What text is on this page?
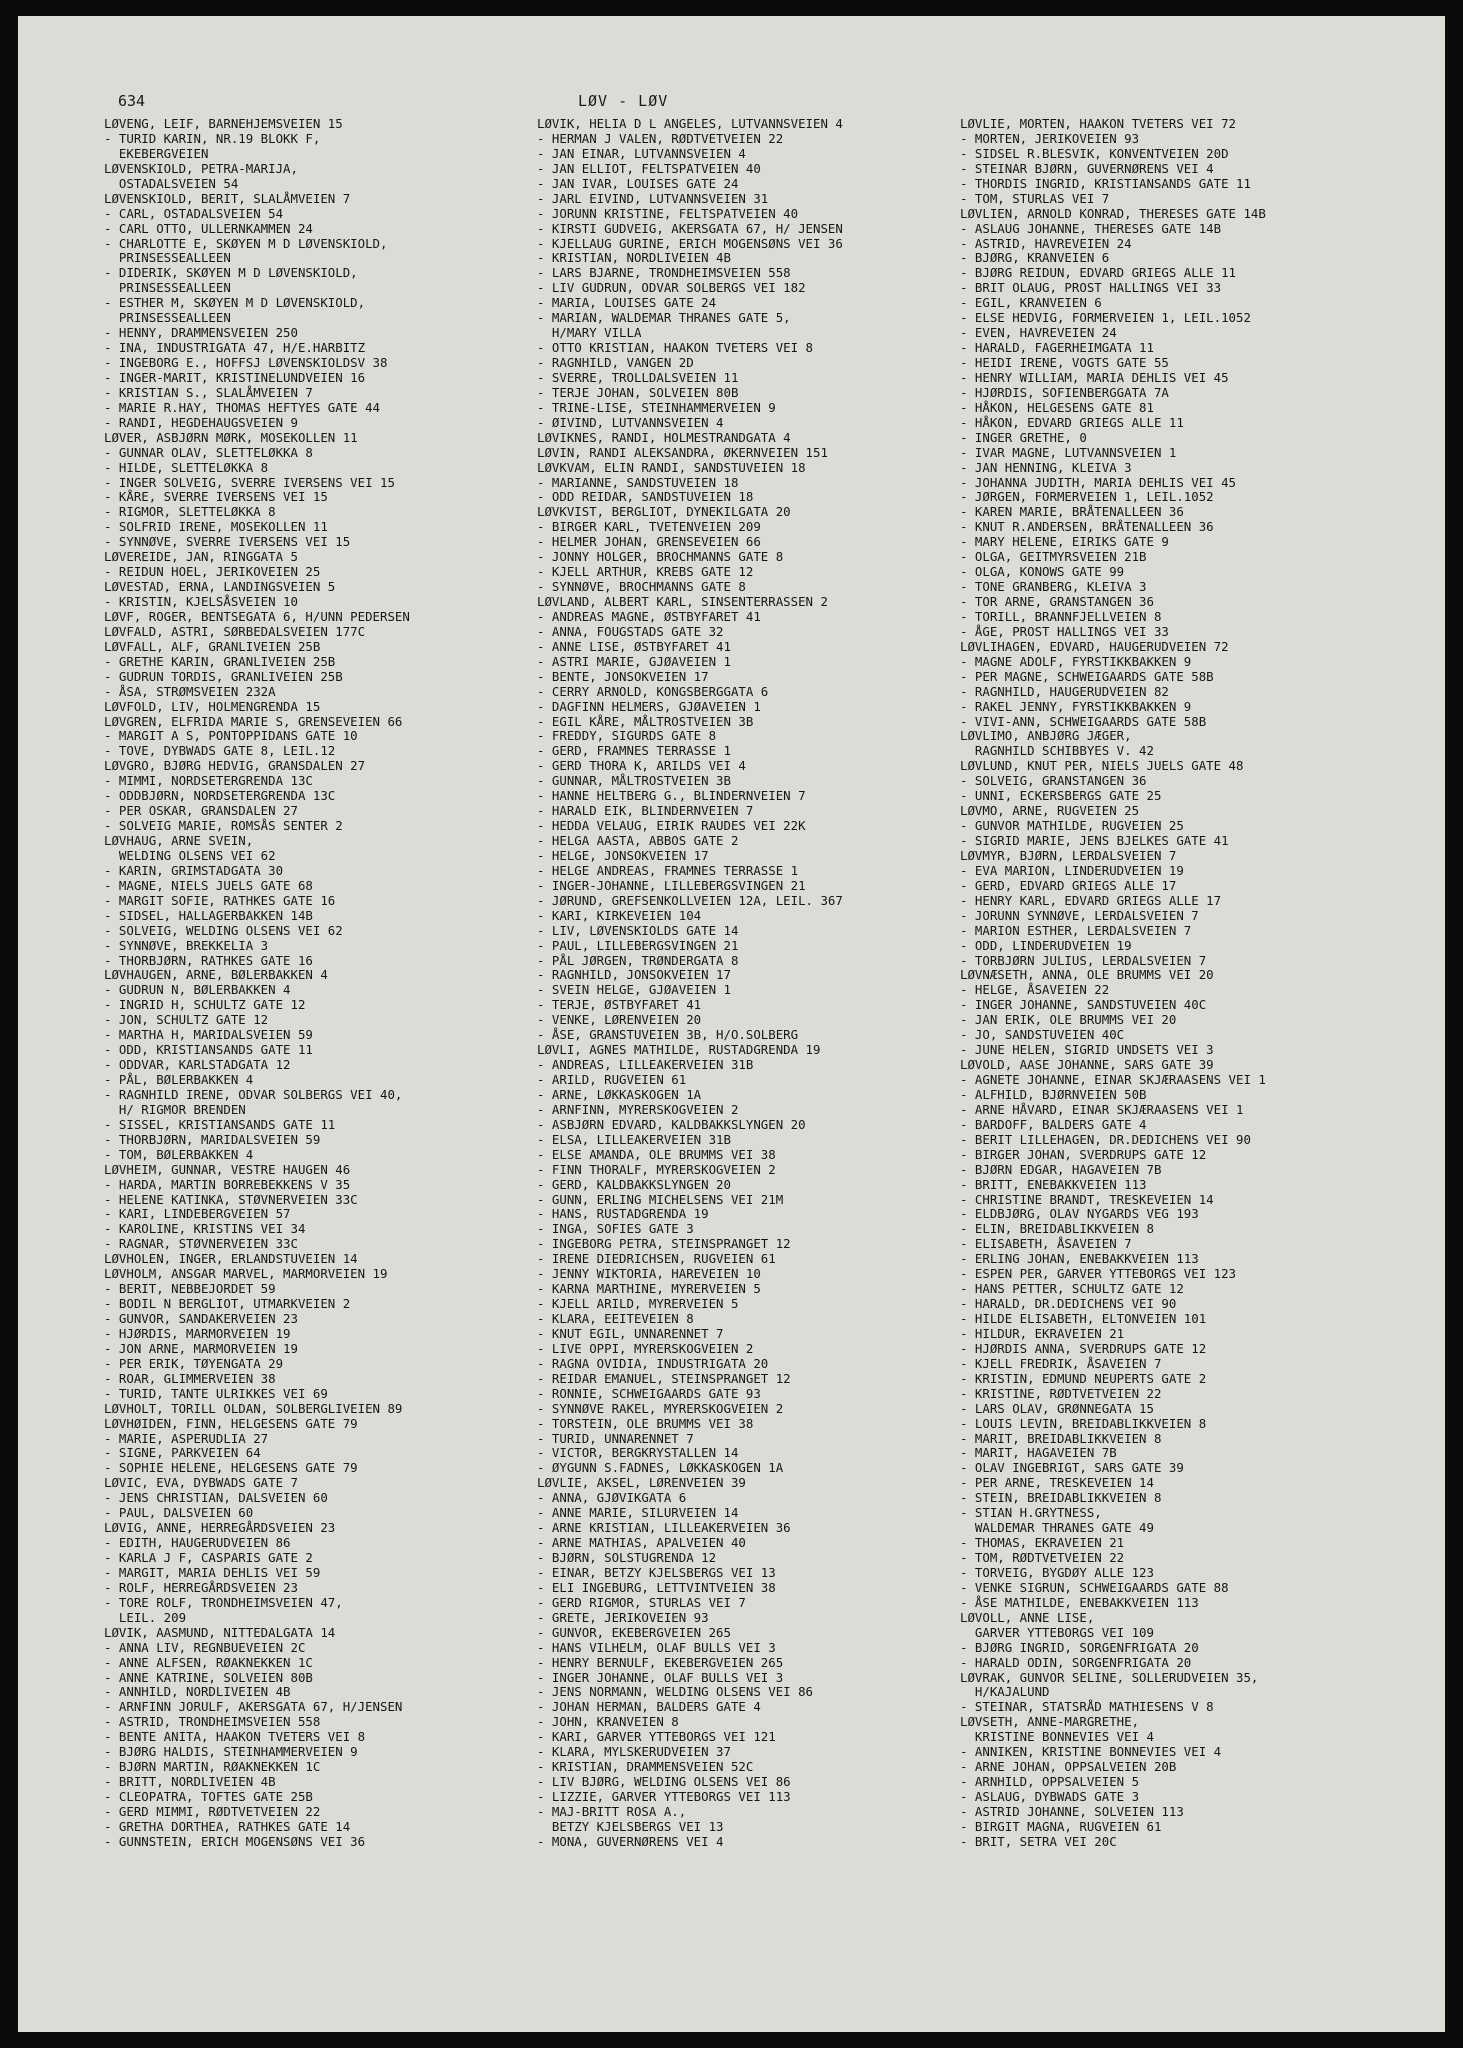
634	LØV - LØV
LØVENG, LEIF, BARNEHJEMSVEIEN 15
- TURID KARIN, NR.19 BLOKK F,
EKEBERGVEIEN
LØVENSKIOLD, PETRA-MARIJA,
OSTADALSVEIEN 54
LØVENSKIOLD, BERIT, SLALÅMVEIEN 7
- CARL, OSTADALSVEIEN 54
- CARL OTTO, ULLERNKAMMEN 24
- CHARLOTTE E, SKØYEN M D LØVENSKIOLD,
PRINSESSEALLEEN
- DIDERIK, SKØYEN M D LØVENSKIOLD,
PRINSESSEALLEEN
- ESTHER M, SKØYEN M D LØVENSKIOLD,
PRINSESSEALLEEN
- HENNY, DRAMMENSVEIEN 250
- INA, INDUSTRIGATA 47, H/E.HARBITZ
- INGEBORG E., HOFFSJ LØVENSKIOLDSV 38
- INGER-MARIT, KRISTINELUNDVEIEN 16
- KRISTIAN S., SLALÅMVEIEN 7
- MARIE R.HAY, THOMAS HEFTYES GATE 44
- RANDI, HEGDEHAUGSVEIEN 9
LØVER, ASBJØRN MØRK, MOSEKOLLEN 11
- GUNNAR OLAV, SLETTELØKKA 8
- HILDE, SLETTELØKKA 8
- INGER SOLVEIG, SVERRE IVERSENS VEI 15
- KÅRE, SVERRE IVERSENS VEI 15
- RIGMOR, SLETTELØKKA 8
- SOLFRID IRENE, MOSEKOLLEN 11
- SYNNØVE, SVERRE IVERSENS VEI 15
LØVEREIDE, JAN, RINGGATA 5
- REIDUN HOEL, JERIKOVEIEN 25
LØVESTAD, ERNA, LANDINGSVEIEN 5
- KRISTIN, KJELSÅSVEIEN 10
LØVF, ROGER, BENTSEGATA 6, H/UNN PEDERSEN
LØVFALD, ASTRI, SØRBEDALSVEIEN 177C
LØVFALL, ALF, GRANLIVEIEN 25B
- GRETHE KARIN, GRANLIVEIEN 25B
- GUDRUN TORDIS, GRANLIVEIEN 25B
- ÅSA, STRØMSVEIEN 232A
LØVFOLD, LIV, HOLMENGRENDA 15
LØVGREN, ELFRIDA MARIE S, GRENSEVEIEN 66
- MARGIT A S, PONTOPPIDANS GATE 10
- TOVE, DYBWADS GATE 8, LEIL.12
LØVGRO, BJØRG HEDVIG, GRANSDALEN 27
- MIMMI, NORDSETERGRENDA 13C
- ODDBJØRN, NORDSETERGRENDA 13C
- PER OSKAR, GRANSDALEN 27
- SOLVEIG MARIE, ROMSÅS SENTER 2
LØVHAUG, ARNE SVEIN,
WELDING OLSENS VEI 62
- KARIN, GRIMSTADGATA 30
- MAGNE, NIELS JUELS GATE 68
- MARGIT SOFIE, RATHKES GATE 16
- SIDSEL, HALLAGERBAKKEN 14B
- SOLVEIG, WELDING OLSENS VEI 62
- SYNNØVE, BREKKELIA 3
- THORBJØRN, RATHKES GATE 16
LØVHAUGEN, ARNE, BØLERBAKKEN 4
- GUDRUN N, BØLERBAKKEN 4
- INGRID H, SCHULTZ GATE 12
- JON, SCHULTZ GATE 12
- MARTHA H, MARIDALSVEIEN 59
- ODD, KRISTIANSANDS GATE 11
- ODDVAR, KARLSTADGATA 12
- PÅL, BØLERBAKKEN 4
- RAGNHILD IRENE, ODVAR SOLBERGS VEI 40,
H/ RIGMOR BRENDEN
- SISSEL, KRISTIANSANDS GATE 11
- THORBJØRN, MARIDALSVEIEN 59
- TOM, BØLERBAKKEN 4
LØVHEIM, GUNNAR, VESTRE HAUGEN 46
- HARDA, MARTIN BORREBEKKENS V 35
- HELENE KATINKA, STØVNERVEIEN 33C
- KARI, LINDEBERGVEIEN 57
- KAROLINE, KRISTINS VEI 34
- RAGNAR, STØVNERVEIEN 33C
LØVHOLEN, INGER, ERLANDSTUVEIEN 14
LØVHOLM, ANSGAR MARVEL, MARMORVEIEN 19
- BERIT, NEBBEJORDET 59
- BODIL N BERGLIOT, UTMARKVEIEN 2
- GUNVOR, SANDAKERVEIEN 23
- HJØRDIS, MARMORVEIEN 19
- JON ARNE, MARMORVEIEN 19
- PER ERIK, TØYENGATA 29
- ROAR, GLIMMERVEIEN 38
- TURID, TANTE ULRIKKES VEI 69
LØVHOLT, TORILL OLDAN, SOLBERGLIVEIEN 89
LØVHØIDEN, FINN, HELGESENS GATE 79
- MARIE, ASPERUDLIA 27
- SIGNE, PARKVEIEN 64
- SOPHIE HELENE, HELGESENS GATE 79
LØVIC, EVA, DYBWADS GATE 7
- JENS CHRISTIAN, DALSVEIEN 60
- PAUL, DALSVEIEN 60
LØVIG, ANNE, HERREGÅRDSVEIEN 23
- EDITH, HAUGERUDVEIEN 86
- KARLA J F, CASPARIS GATE 2
- MARGIT, MARIA DEHLIS VEI 59
- ROLF, HERREGÅRDSVEIEN 23
- TORE ROLF, TRONDHEIMSVEIEN 47,
LEIL. 209
LØVIK, AASMUND, NITTEDALGATA 14
- ANNA LIV, REGNBUEVEIEN 2C
- ANNE ALFSEN, RØAKNEKKEN 1C
- ANNE KATRINE, SOLVEIEN 80B
- ANNHILD, NORDLIVEIEN 4B
- ARNFINN JORULF, AKERSGATA 67, H/JENSEN
- ASTRID, TRONDHEIMSVEIEN 558
- BENTE ANITA, HAAKON TVETERS VEI 8
- BJØRG HALDIS, STEINHAMMERVEIEN 9
- BJØRN MARTIN, RØAKNEKKEN 1C
- BRITT, NORDLIVEIEN 4B
- CLEOPATRA, TOFTES GATE 25B
- GERD MIMMI, RØDTVETVEIEN 22
- GRETHA DORTHEA, RATHKES GATE 14
- GUNNSTEIN, ERICH MOGENSØNS VEI 36
LØVIK, HELIA D L ANGELES, LUTVANNSVEIEN 4
- HERMAN J VALEN, RØDTVETVEIEN 22
- JAN EINAR, LUTVANNSVEIEN 4
- JAN ELLIOT, FELTSPATVEIEN 40
- JAN IVAR, LOUISES GATE 24
- JARL EIVIND, LUTVANNSVEIEN 31
- JORUNN KRISTINE, FELTSPATVEIEN 40
- KIRSTI GUDVEIG, AKERSGATA 67, H/ JENSEN
- KJELLAUG GURINE, ERICH MOGENSØNS VEI 36
- KRISTIAN, NORDLIVEIEN 4B
- LARS BJARNE, TRONDHEIMSVEIEN 558
- LIV GUDRUN, ODVAR SOLBERGS VEI 182
- MARIA, LOUISES GATE 24
- MARIAN, WALDEMAR THRANES GATE 5,
H/MARY VILLA
- OTTO KRISTIAN, HAAKON TVETERS VEI 8
- RAGNHILD, VANGEN 2D
- SVERRE, TROLLDALSVEIEN 11
- TERJE JOHAN, SOLVEIEN 80B
- TRINE-LISE, STEINHAMMERVEIEN 9
- ØIVIND, LUTVANNSVEIEN 4
LØVIKNES, RANDI, HOLMESTRANDGATA 4
LØVIN, RANDI ALEKSANDRA, ØKERNVEIEN 151
LØVKVAM, ELIN RANDI, SANDSTUVEIEN 18
- MARIANNE, SANDSTUVEIEN 18
- ODD REIDAR, SANDSTUVEIEN 18
LØVKVIST, BERGLIOT, DYNEKILGATA 20
- BIRGER KARL, TVETENVEIEN 209
- HELMER JOHAN, GRENSEVEIEN 66
- JONNY HOLGER, BROCHMANNS GATE 8
- KJELL ARTHUR, KREBS GATE 12
- SYNNØVE, BROCHMANNS GATE 8
LØVLAND, ALBERT KARL, SINSENTERRASSEN 2
- ANDREAS MAGNE, ØSTBYFARET 41
- ANNA, FOUGSTADS GATE 32
- ANNE LISE, ØSTBYFARET 41
- ASTRI MARIE, GJØAVEIEN 1
- BENTE, JONSOKVEIEN 17
- CERRY ARNOLD, KONGSBERGGATA 6
- DAGFINN HELMERS, GJØAVEIEN 1
- EGIL KÅRE, MÅLTROSTVEIEN 3B
- FREDDY, SIGURDS GATE 8
- GERD, FRAMNES TERRASSE 1
- GERD THORA K, ARILDS VEI 4
- GUNNAR, MÅLTROSTVEIEN 3B
- HANNE HELTBERG G., BLINDERNVEIEN 7
- HARALD EIK, BLINDERNVEIEN 7
- HEDDA VELAUG, EIRIK RAUDES VEI 22K
- HELGA AASTA, ABBOS GATE 2
- HELGE, JONSOKVEIEN 17
- HELGE ANDREAS, FRAMNES TERRASSE 1
- INGER-JOHANNE, LILLEBERGSVINGEN 21
- JØRUND, GREFSENKOLLVEIEN 12A, LEIL. 367
- KARI, KIRKEVEIEN 104
- LIV, LØVENSKIOLDS GATE 14
- PAUL, LILLEBERGSVINGEN 21
- PÅL JØRGEN, TRØNDERGATA 8
- RAGNHILD, JONSOKVEIEN 17
- SVEIN HELGE, GJØAVEIEN 1
- TERJE, ØSTBYFARET 41
- VENKE, LØRENVEIEN 20
- ÅSE, GRANSTUVEIEN 3B, H/O.SOLBERG
LØVLI, AGNES MATHILDE, RUSTADGRENDA 19
- ANDREAS, LILLEAKERVEIEN 31B
- ARILD, RUGVEIEN 61
- ARNE, LØKKASKOGEN 1A
- ARNFINN, MYRERSKOGVEIEN 2
- ASBJØRN EDVARD, KALDBAKKSLYNGEN 20
- ELSA, LILLEAKERVEIEN 31B
- ELSE AMANDA, OLE BRUMMS VEI 38
- FINN THORALF, MYRERSKOGVEIEN 2
- GERD, KALDBAKKSLYNGEN 20
- GUNN, ERLING MICHELSENS VEI 21M
- HANS, RUSTADGRENDA 19
- INGA, SOFIES GATE 3
- INGEBORG PETRA, STEINSPRANGET 12
- IRENE DIEDRICHSEN, RUGVEIEN 61
- JENNY WIKTORIA, HAREVEIEN 10
- KARNA MARTHINE, MYRERVEIEN 5
- KJELL ARILD, MYRERVEIEN 5
- KLARA, EEITEVEIEN 8
- KNUT EGIL, UNNARENNET 7
- LIVE OPPI, MYRERSKOGVEIEN 2
- RAGNA OVIDIA, INDUSTRIGATA 20
- REIDAR EMANUEL, STEINSPRANGET 12
- RONNIE, SCHWEIGAARDS GATE 93
- SYNNØVE RAKEL, MYRERSKOGVEIEN 2
- TORSTEIN, OLE BRUMMS VEI 38
- TURID, UNNARENNET 7
- VICTOR, BERGKRYSTALLEN 14
- ØYGUNN S.FADNES, LØKKASKOGEN 1A
LØVLIE, AKSEL, LØRENVEIEN 39
- ANNA, GJØVIKGATA 6
- ANNE MARIE, SILURVEIEN 14
- ARNE KRISTIAN, LILLEAKERVEIEN 36
- ARNE MATHIAS, APALVEIEN 40
- BJØRN, SOLSTUGRENDA 12
- EINAR, BETZY KJELSBERGS VEI 13
- ELI INGEBURG, LETTVINTVEIEN 38
- GERD RIGMOR, STURLAS VEI 7
- GRETE, JERIKOVEIEN 93
- GUNVOR, EKEBERGVEIEN 265
- HANS VILHELM, OLAF BULLS VEI 3
- HENRY BERNULF, EKEBERGVEIEN 265
- INGER JOHANNE, OLAF BULLS VEI 3
- JENS NORMANN, WELDING OLSENS VEI 86
- JOHAN HERMAN, BALDERS GATE 4
- JOHN, KRANVEIEN 8
- KARI, GARVER YTTEBORGS VEI 121
- KLARA, MYLSKERUDVEIEN 37
- KRISTIAN, DRAMMENSVEIEN 52C
- LIV BJØRG, WELDING OLSENS VEI 86
- LIZZIE, GARVER YTTEBORGS VEI 113
- MAJ-BRITT ROSA A.,
BETZY KJELSBERGS VEI 13
- MONA, GUVERNØRENS VEI 4
LØVLIE, MORTEN, HAAKON TVETERS VEI 72
- MORTEN, JERIKOVEIEN 93
- SIDSEL R.BLESVIK, KONVENTVEIEN 20D
- STEINAR BJØRN, GUVERNØRENS VEI 4
- THORDIS INGRID, KRISTIANSANDS GATE 11
- TOM, STURLAS VEI 7
LØVLIEN, ARNOLD KONRAD, THERESES GATE 14B
- ASLAUG JOHANNE, THERESES GATE 14B
- ASTRID, HAVREVEIEN 24
- BJØRG, KRANVEIEN 6
- BJØRG REIDUN, EDVARD GRIEGS ALLE 11
- BRIT OLAUG, PROST HALLINGS VEI 33
- EGIL, KRANVEIEN 6
- ELSE HEDVIG, FORMERVEIEN 1, LEIL.1052
- EVEN, HAVREVEIEN 24
- HARALD, FAGERHEIMGATA 11
- HEIDI IRENE, VOGTS GATE 55
- HENRY WILLIAM, MARIA DEHLIS VEI 45
- HJØRDIS, SOFIENBERGGATA 7A
- HÅKON, HELGESENS GATE 81
- HÅKON, EDVARD GRIEGS ALLE 11
- INGER GRETHE, 0
- IVAR MAGNE, LUTVANNSVEIEN 1
- JAN HENNING, KLEIVA 3
- JOHANNA JUDITH, MARIA DEHLIS VEI 45
- JØRGEN, FORMERVEIEN 1, LEIL.1052
- KAREN MARIE, BRÅTENALLEEN 36
- KNUT R.ANDERSEN, BRÅTENALLEEN 36
- MARY HELENE, EIRIKS GATE 9
- OLGA, GEITMYRSVEIEN 21B
- OLGA, KONOWS GATE 99
- TONE GRANBERG, KLEIVA 3
- TOR ARNE, GRANSTANGEN 36
- TORILL, BRANNFJELLVEIEN 8
- ÅGE, PROST HALLINGS VEI 33
LØVLIHAGEN, EDVARD, HAUGERUDVEIEN 72
- MAGNE ADOLF, FYRSTIKKBAKKEN 9
- PER MAGNE, SCHWEIGAARDS GATE 58B
- RAGNHILD, HAUGERUDVEIEN 82
- RAKEL JENNY, FYRSTIKKBAKKEN 9
- VIVI-ANN, SCHWEIGAARDS GATE 58B
LØVLIMO, ANBJØRG JÆGER,
RAGNHILD SCHIBBYES V. 42
LØVLUND, KNUT PER, NIELS JUELS GATE 48
- SOLVEIG, GRANSTANGEN 36
- UNNI, ECKERSBERGS GATE 25
LØVMO, ARNE, RUGVEIEN 25
- GUNVOR MATHILDE, RUGVEIEN 25
- SIGRID MARIE, JENS BJELKES GATE 41
LØVMYR, BJØRN, LERDALSVEIEN 7
- EVA MARION, LINDERUDVEIEN 19
- GERD, EDVARD GRIEGS ALLE 17
- HENRY KARL, EDVARD GRIEGS ALLE 17
- JORUNN SYNNØVE, LERDALSVEIEN 7
- MARION ESTHER, LERDALSVEIEN 7
- ODD, LINDERUDVEIEN 19
- TORBJØRN JULIUS, LERDALSVEIEN 7
LØVNÆSETH, ANNA, OLE BRUMMS VEI 20
- HELGE, ÅSAVEIEN 22
- INGER JOHANNE, SANDSTUVEIEN 40C
- JAN ERIK, OLE BRUMMS VEI 20
- JO, SANDSTUVEIEN 40C
- JUNE HELEN, SIGRID UNDSETS VEI 3
LØVOLD, AASE JOHANNE, SARS GATE 39
- AGNETE JOHANNE, EINAR SKJÆRAASENS VEI 1
- ALFHILD, BJØRNVEIEN 50B
- ARNE HÅVARD, EINAR SKJÆRAASENS VEI 1
- BARDOFF, BALDERS GATE 4
- BERIT LILLEHAGEN, DR.DEDICHENS VEI 90
- BIRGER JOHAN, SVERDRUPS GATE 12
- BJØRN EDGAR, HAGAVEIEN 7B
- BRITT, ENEBAKKVEIEN 113
- CHRISTINE BRANDT, TRESKEVEIEN 14
- ELDBJØRG, OLAV NYGARDS VEG 193
- ELIN, BREIDABLIKKVEIEN 8
- ELISABETH, ÅSAVEIEN 7
- ERLING JOHAN, ENEBAKKVEIEN 113
- ESPEN PER, GARVER YTTEBORGS VEI 123
- HANS PETTER, SCHULTZ GATE 12
- HARALD, DR.DEDICHENS VEI 90
- HILDE ELISABETH, ELTONVEIEN 101
- HILDUR, EKRAVEIEN 21
- HJØRDIS ANNA, SVERDRUPS GATE 12
- KJELL FREDRIK, ÅSAVEIEN 7
- KRISTIN, EDMUND NEUPERTS GATE 2
- KRISTINE, RØDTVETVEIEN 22
- LARS OLAV, GRØNNEGATA 15
- LOUIS LEVIN, BREIDABLIKKVEIEN 8
- MARIT, BREIDABLIKKVEIEN 8
- MARIT, HAGAVEIEN 7B
- OLAV INGEBRIGT, SARS GATE 39
- PER ARNE, TRESKEVEIEN 14
- STEIN, BREIDABLIKKVEIEN 8
- STIAN H.GRYTNESS,
WALDEMAR THRANES GATE 49
- THOMAS, EKRAVEIEN 21
- TOM, RØDTVETVEIEN 22
- TORVEIG, BYGDØY ALLE 123
- VENKE SIGRUN, SCHWEIGAARDS GATE 88
- ÅSE MATHILDE, ENEBAKKVEIEN 113
LØVOLL, ANNE LISE,
GARVER YTTEBORGS VEI 109
- BJØRG INGRID, SORGENFRIGATA 20
- HARALD ODIN, SORGENFRIGATA 20
LØVRAK, GUNVOR SELINE, SOLLERUDVEIEN 35,
H/KAJALUND
- STEINAR, STATSRÅD MATHIESENS V 8
LØVSETH, ANNE-MARGRETHE,
KRISTINE BONNEVIES VEI 4
- ANNIKEN, KRISTINE BONNEVIES VEI 4
- ARNE JOHAN, OPPSALVEIEN 20B
- ARNHILD, OPPSALVEIEN 5
- ASLAUG, DYBWADS GATE 3
- ASTRID JOHANNE, SOLVEIEN 113
- BIRGIT MAGNA, RUGVEIEN 61
- BRIT, SETRA VEI 20C
